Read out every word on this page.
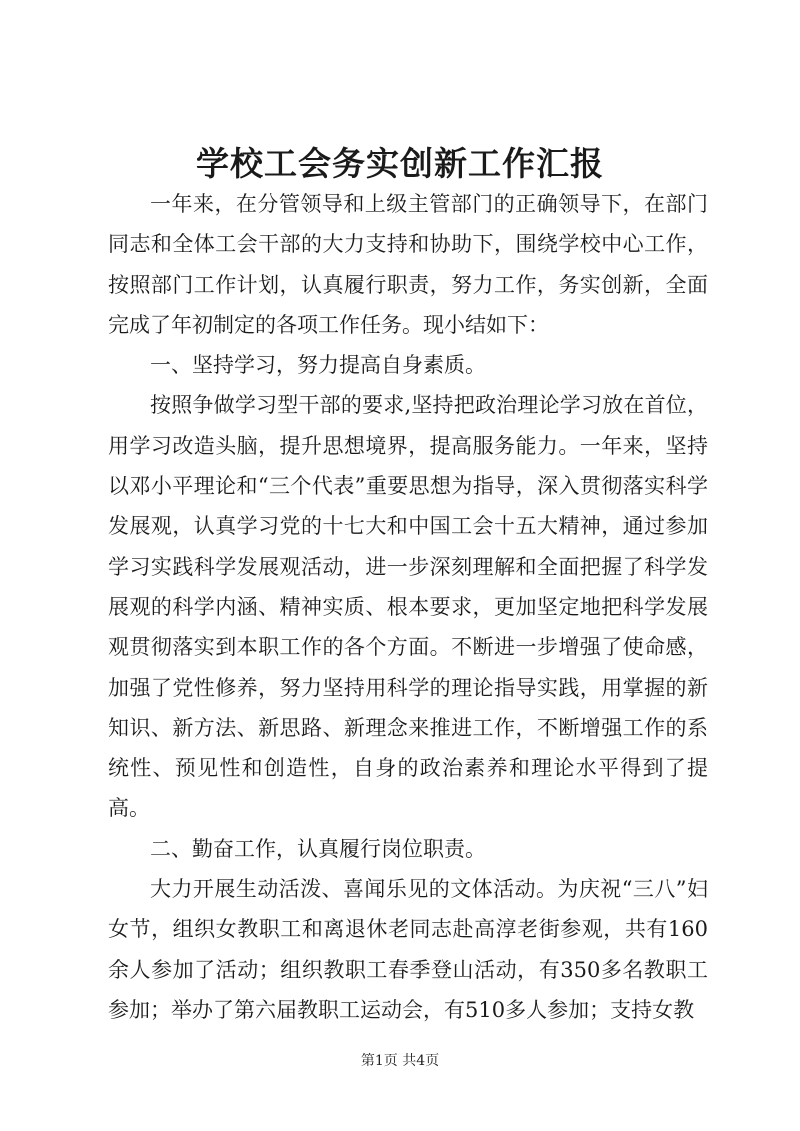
学校工会务实创新工作汇报

一年来，在分管领导和上级主管部门的正确领导下，在部门同志和全体工会干部的大力支持和协助下，围绕学校中心工作，按照部门工作计划，认真履行职责，努力工作，务实创新，全面完成了年初制定的各项工作任务。现小结如下：

一、坚持学习，努力提高自身素质。

按照争做学习型干部的要求,坚持把政治理论学习放在首位，用学习改造头脑，提升思想境界，提高服务能力。一年来，坚持以邓小平理论和“三个代表”重要思想为指导，深入贯彻落实科学发展观，认真学习党的十七大和中国工会十五大精神，通过参加学习实践科学发展观活动，进一步深刻理解和全面把握了科学发展观的科学内涵、精神实质、根本要求，更加坚定地把科学发展观贯彻落实到本职工作的各个方面。不断进一步增强了使命感，加强了党性修养，努力坚持用科学的理论指导实践，用掌握的新知识、新方法、新思路、新理念来推进工作，不断增强工作的系统性、预见性和创造性，自身的政治素养和理论水平得到了提高。

二、勤奋工作，认真履行岗位职责。

大力开展生动活泼、喜闻乐见的文体活动。为庆祝“三八”妇女节，组织女教职工和离退休老同志赴高淳老街参观，共有160余人参加了活动；组织教职工春季登山活动，有350多名教职工参加；举办了第六届教职工运动会，有510多人参加；支持女教

第1页 共4页
